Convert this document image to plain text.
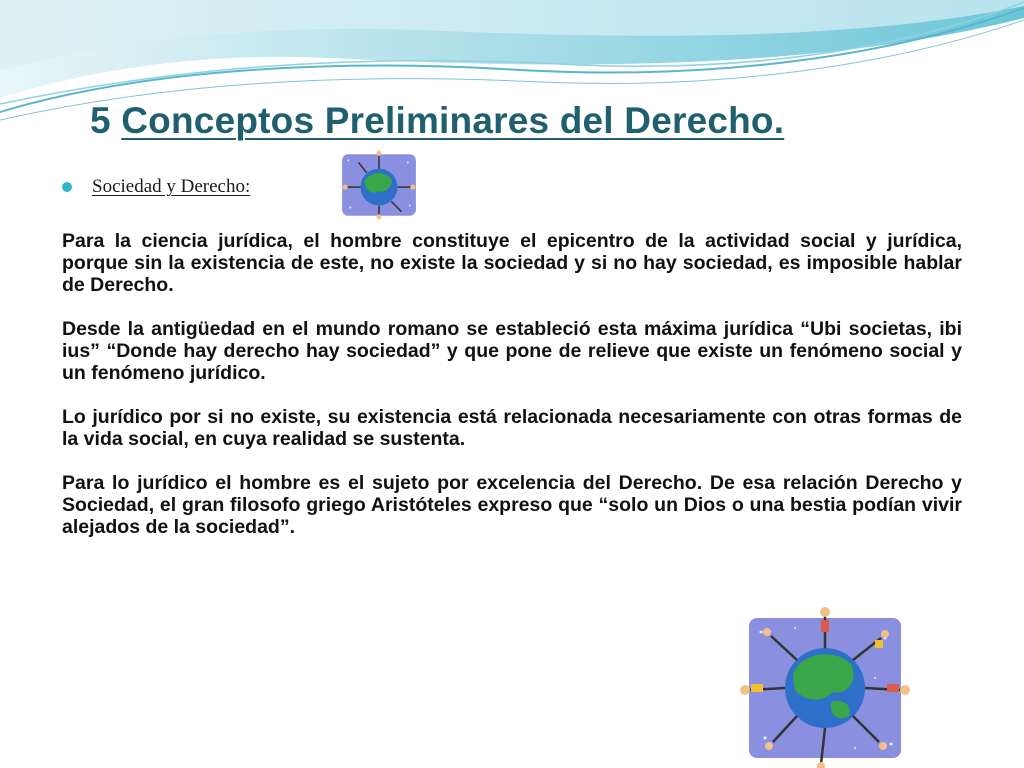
5 Conceptos Preliminares del Derecho.
Sociedad y Derecho:

Para la ciencia jurídica, el hombre constituye el epicentro de la actividad social y jurídica, porque sin la existencia de este, no existe la sociedad y si no hay sociedad, es imposible hablar de Derecho.

Desde la antigüedad en el mundo romano se estableció esta máxima jurídica “Ubi societas, ibi ius” “Donde hay derecho hay sociedad” y que pone de relieve que existe un fenómeno social y un fenómeno jurídico.

Lo jurídico por si no existe, su existencia está relacionada necesariamente con otras formas de la vida social, en cuya realidad se sustenta.

Para lo jurídico el hombre es el sujeto por excelencia del Derecho. De esa relación Derecho y Sociedad, el gran filosofo griego Aristóteles expreso que “solo un Dios o una bestia podían vivir alejados de la sociedad”.
